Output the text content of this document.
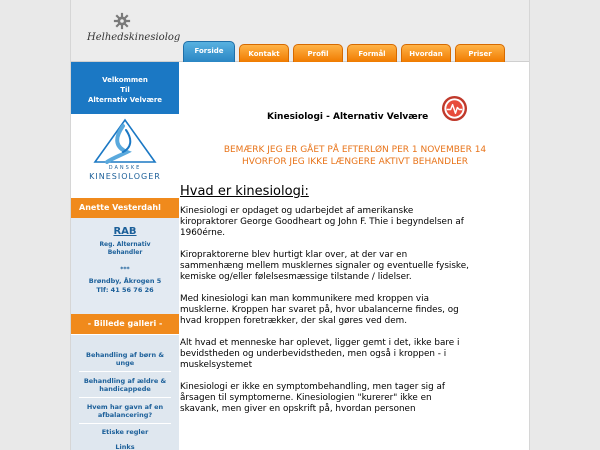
Helhedskinesiolog
Forside	Kontakt	Profil	Formål	Hvordan	Priser
Velkommen
Til
Alternativ Velvære
DANSKE
KINESIOLOGER
Anette Vesterdahl
RAB
Reg. Alternativ
Behandler
***
Brøndby, Åkrogen 5
Tlf: 41 56 76 26
- Billede galleri -
Behandling af børn &
unge
Behandling af ældre &
handicappede
Hvem har gavn af en
afbalancering?
Etiske regler
Links
Kinesiologi - Alternativ Velvære
BEMÆRK JEG ER GÅET PÅ EFTERLØN PER 1 NOVEMBER 14
HVORFOR JEG IKKE LÆNGERE AKTIVT BEHANDLER
Hvad er kinesiologi:

Kinesiologi er opdaget og udarbejdet af amerikanske kiropraktorer George Goodheart og John F. Thie i begyndelsen af 1960érne.

Kiropraktorerne blev hurtigt klar over, at der var en sammenhæng mellem musklernes signaler og eventuelle fysiske, kemiske og/eller følelsesmæssige tilstande / lidelser.

Med kinesiologi kan man kommunikere med kroppen via musklerne. Kroppen har svaret på, hvor ubalancerne findes, og hvad kroppen foretrækker, der skal gøres ved dem.

Alt hvad et menneske har oplevet, ligger gemt i det, ikke bare i

bevidstheden og underbevidstheden, men også i kroppen - i muskelsystemet

Kinesiologi er ikke en symptombehandling, men tager sig af årsagen til symptomerne. Kinesiologien "kurerer" ikke en skavank, men giver en opskrift på, hvordan personen
